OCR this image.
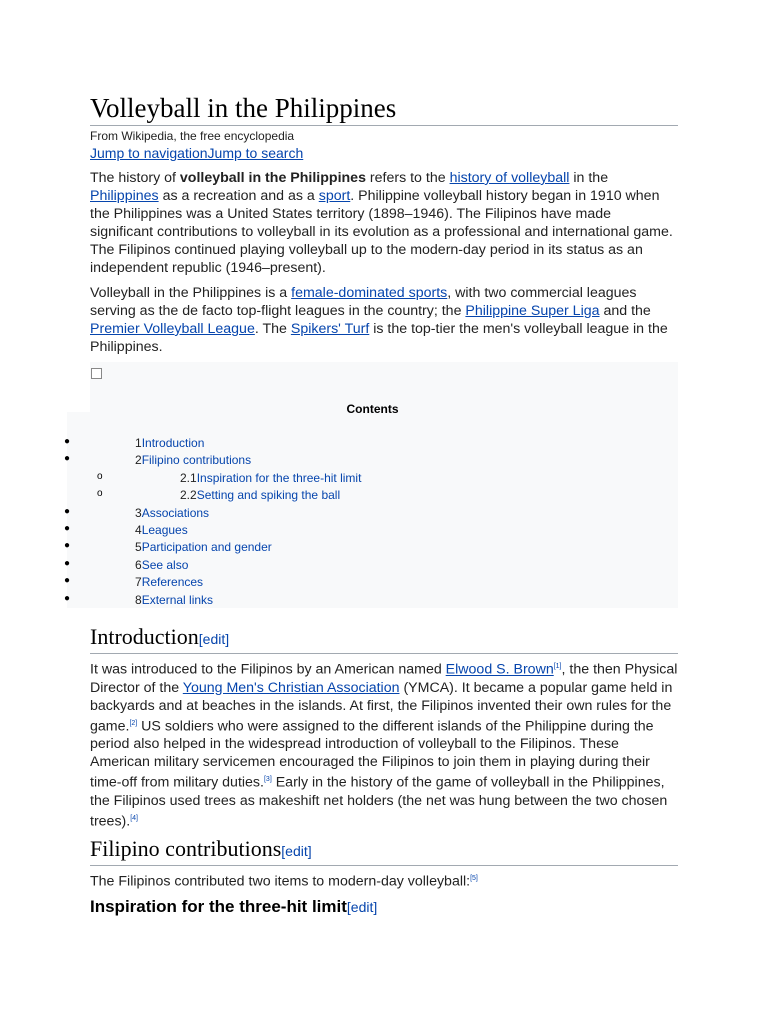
Volleyball in the Philippines
From Wikipedia, the free encyclopedia
Jump to navigationJump to search

The history of volleyball in the Philippines refers to the history of volleyball in the Philippines as a recreation and as a sport. Philippine volleyball history began in 1910 when the Philippines was a United States territory (1898–1946). The Filipinos have made significant contributions to volleyball in its evolution as a professional and international game. The Filipinos continued playing volleyball up to the modern-day period in its status as an independent republic (1946–present).

Volleyball in the Philippines is a female-dominated sports, with two commercial leagues serving as the de facto top-flight leagues in the country; the Philippine Super Liga and the Premier Volleyball League. The Spikers' Turf is the top-tier the men's volleyball league in the Philippines.

Contents
●	1Introduction
●	2Filipino contributions
o	2.1Inspiration for the three-hit limit
o	2.2Setting and spiking the ball
●	3Associations
●	4Leagues
●	5Participation and gender
●	6See also
●	7References
●	8External links
Introduction[edit]

It was introduced to the Filipinos by an American named Elwood S. Brown[1], the then Physical Director of the Young Men's Christian Association (YMCA). It became a popular game held in backyards and at beaches in the islands. At first, the Filipinos invented their own rules for the game.[2] US soldiers who were assigned to the different islands of the Philippine during the period also helped in the widespread introduction of volleyball to the Filipinos. These American military servicemen encouraged the Filipinos to join them in playing during their time-off from military duties.[3] Early in the history of the game of volleyball in the Philippines, the Filipinos used trees as makeshift net holders (the net was hung between the two chosen trees).[4]

Filipino contributions[edit]

The Filipinos contributed two items to modern-day volleyball:[5]

Inspiration for the three-hit limit[edit]
